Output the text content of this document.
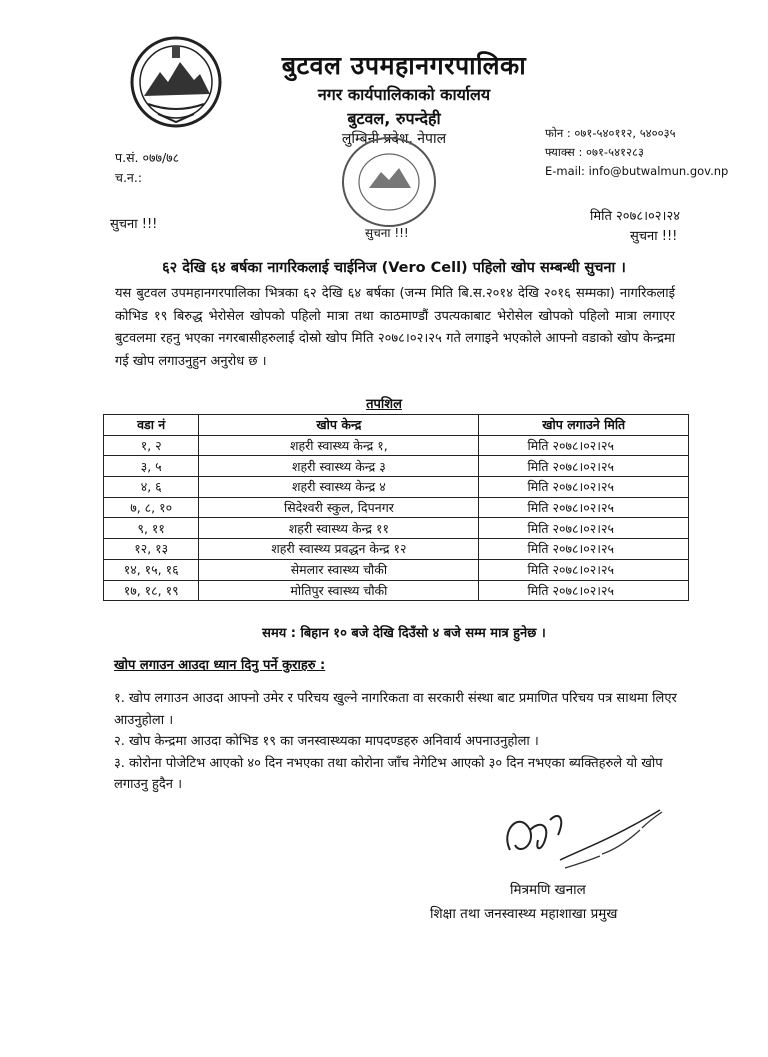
बुटवल उपमहानगरपालिका
नगर कार्यपालिकाको कार्यालय
बुटवल, रुपन्देही
लुम्बिनी प्रदेश, नेपाल	फोन : ०७१-५४०११२, ५४००३५
फ्याक्स : ०७१-५४१२८३
E-mail: info@butwalmun.gov.np
प.सं. ०७७/७८
च.न.:
सुचना !!!
सुचना !!!
मिति २०७८।०२।२४
सुचना !!!
६२ देखि ६४ बर्षका नागरिकलाई चाईनिज (Vero Cell) पहिलो खोप सम्बन्धी सुचना ।
यस बुटवल उपमहानगरपालिका भित्रका ६२ देखि ६४ बर्षका (जन्म मिति बि.स.२०१४ देखि २०१६ सम्मका) नागरिकलाई कोभिड १९ बिरुद्ध भेरोसेल खोपको पहिलो मात्रा तथा काठमाण्डौं उपत्यकाबाट भेरोसेल खोपको पहिलो मात्रा लगाएर बुटवलमा रहनु भएका नगरबासीहरुलाई दोस्रो खोप मिति २०७८।०२।२५ गते लगाइने भएकोले आफ्नो वडाको खोप केन्द्रमा गई खोप लगाउनुहुन अनुरोध छ ।
तपशिल
वडा नं	खोप केन्द्र	खोप लगाउने मिति
१, २	शहरी स्वास्थ्य केन्द्र १,	मिति २०७८।०२।२५
३, ५	शहरी स्वास्थ्य केन्द्र ३	मिति २०७८।०२।२५
४, ६	शहरी स्वास्थ्य केन्द्र ४	मिति २०७८।०२।२५
७, ८, १०	सिदेश्वरी स्कुल, दिपनगर	मिति २०७८।०२।२५
९, ११	शहरी स्वास्थ्य केन्द्र ११	मिति २०७८।०२।२५
१२, १३	शहरी स्वास्थ्य प्रवद्धन केन्द्र १२	मिति २०७८।०२।२५
१४, १५, १६	सेमलार स्वास्थ्य चौकी	मिति २०७८।०२।२५
१७, १८, १९	मोतिपुर स्वास्थ्य चौकी	मिति २०७८।०२।२५
समय : बिहान १० बजे देखि दिउँसो ४ बजे सम्म मात्र हुनेछ ।
खोप लगाउन आउदा ध्यान दिनु पर्ने कुराहरु :

१. खोप लगाउन आउदा आफ्नो उमेर र परिचय खुल्ने नागरिकता वा सरकारी संस्था बाट प्रमाणित परिचय पत्र साथमा लिएर आउनुहोला ।

२. खोप केन्द्रमा आउदा कोभिड १९ का जनस्वास्थ्यका मापदण्डहरु अनिवार्य अपनाउनुहोला ।

३. कोरोना पोजेटिभ आएको ४० दिन नभएका तथा कोरोना जाँच नेगेटिभ आएको ३० दिन नभएका ब्यक्तिहरुले यो खोप लगाउनु हुदैन ।

मित्रमणि खनाल
शिक्षा तथा जनस्वास्थ्य महाशाखा प्रमुख
